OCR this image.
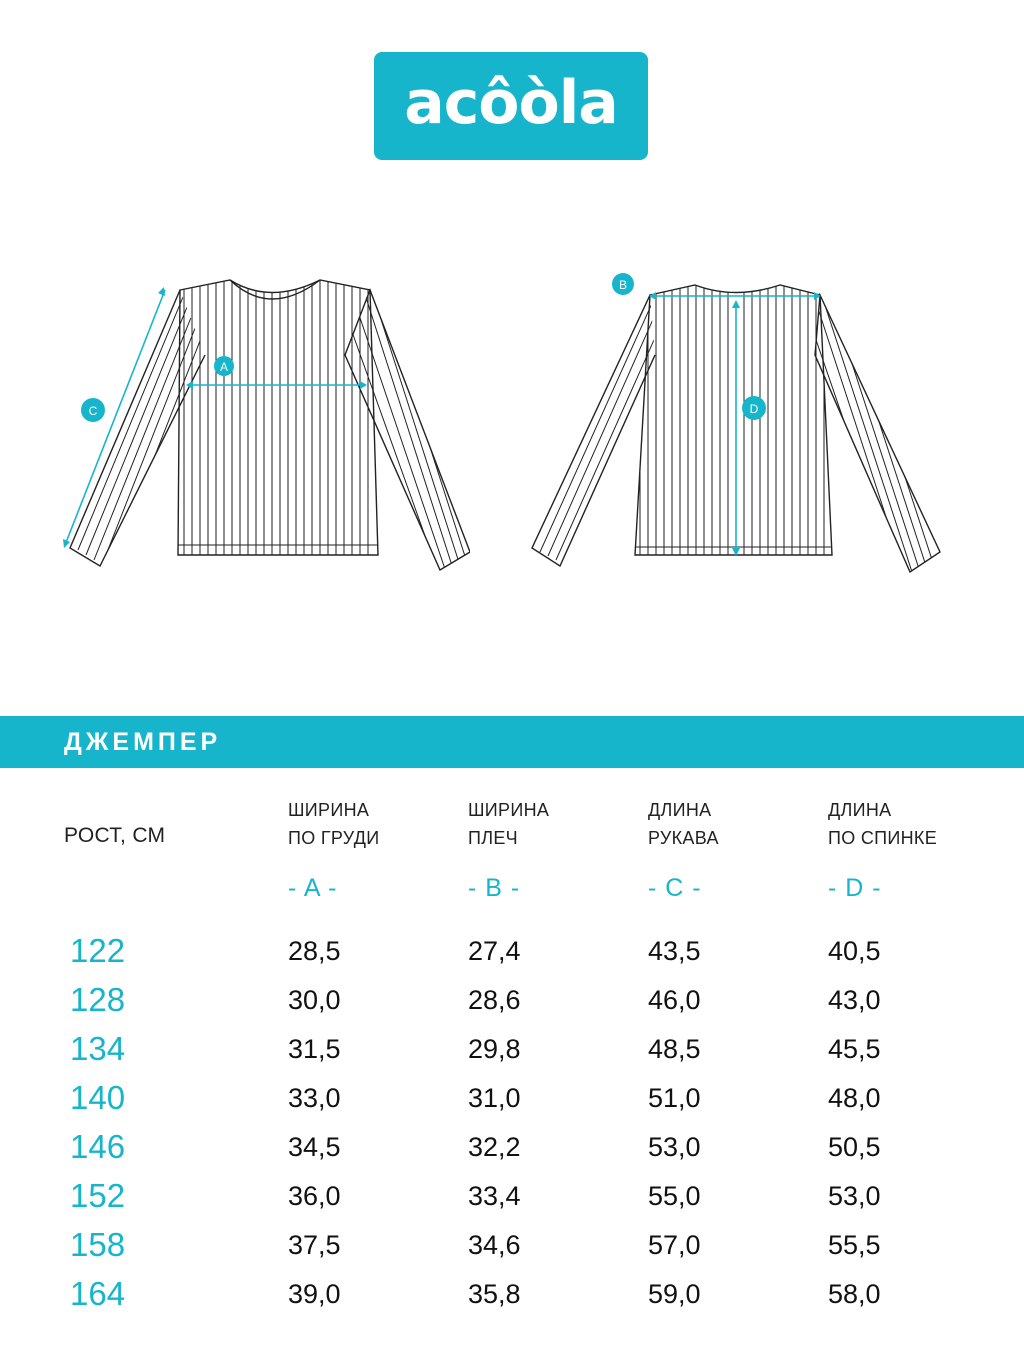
acôòla
A
C
B
D
ДЖЕМПЕР
РОСТ, СМ
ШИРИНА
ПО ГРУДИ
ШИРИНА
ПЛЕЧ
ДЛИНА
РУКАВА
ДЛИНА
ПО СПИНКЕ
- A -	- B -	- C -	- D -
122	28,5	27,4	43,5	40,5
128	30,0	28,6	46,0	43,0
134	31,5	29,8	48,5	45,5
140	33,0	31,0	51,0	48,0
146	34,5	32,2	53,0	50,5
152	36,0	33,4	55,0	53,0
158	37,5	34,6	57,0	55,5
164	39,0	35,8	59,0	58,0
